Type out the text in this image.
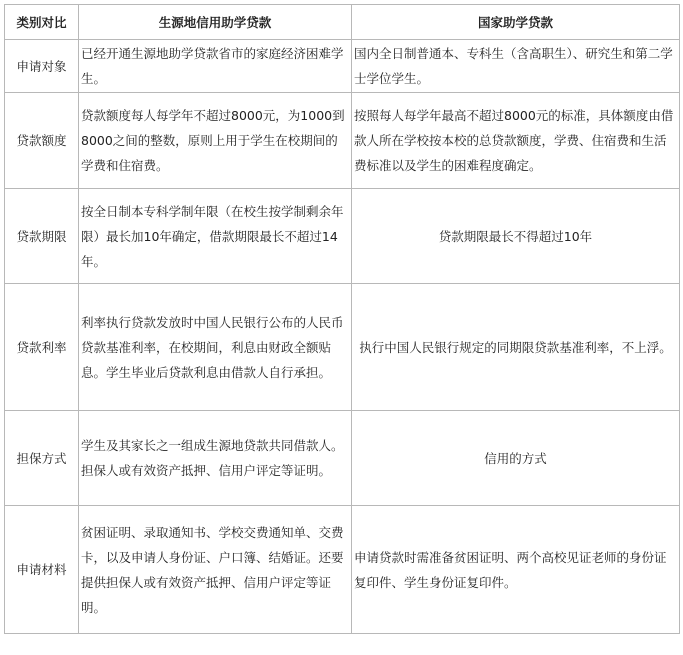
类别对比	生源地信用助学贷款	国家助学贷款
申请对象	已经开通生源地助学贷款省市的家庭经济困难学生。	国内全日制普通本、专科生（含高职生）、研究生和第二学士学位学生。
贷款额度	贷款额度每人每学年不超过8000元，为1000到8000之间的整数，原则上用于学生在校期间的学费和住宿费。	按照每人每学年最高不超过8000元的标准，具体额度由借款人所在学校按本校的总贷款额度，学费、住宿费和生活费标准以及学生的困难程度确定。
贷款期限	按全日制本专科学制年限（在校生按学制剩余年限）最长加10年确定，借款期限最长不超过14年。	贷款期限最长不得超过10年
贷款利率	利率执行贷款发放时中国人民银行公布的人民币贷款基准利率，在校期间，利息由财政全额贴息。学生毕业后贷款利息由借款人自行承担。	执行中国人民银行规定的同期限贷款基准利率，不上浮。
担保方式	学生及其家长之一组成生源地贷款共同借款人。担保人或有效资产抵押、信用户评定等证明。	信用的方式
申请材料	贫困证明、录取通知书、学校交费通知单、交费卡，以及申请人身份证、户口簿、结婚证。还要提供担保人或有效资产抵押、信用户评定等证明。	申请贷款时需准备贫困证明、两个高校见证老师的身份证复印件、学生身份证复印件。
